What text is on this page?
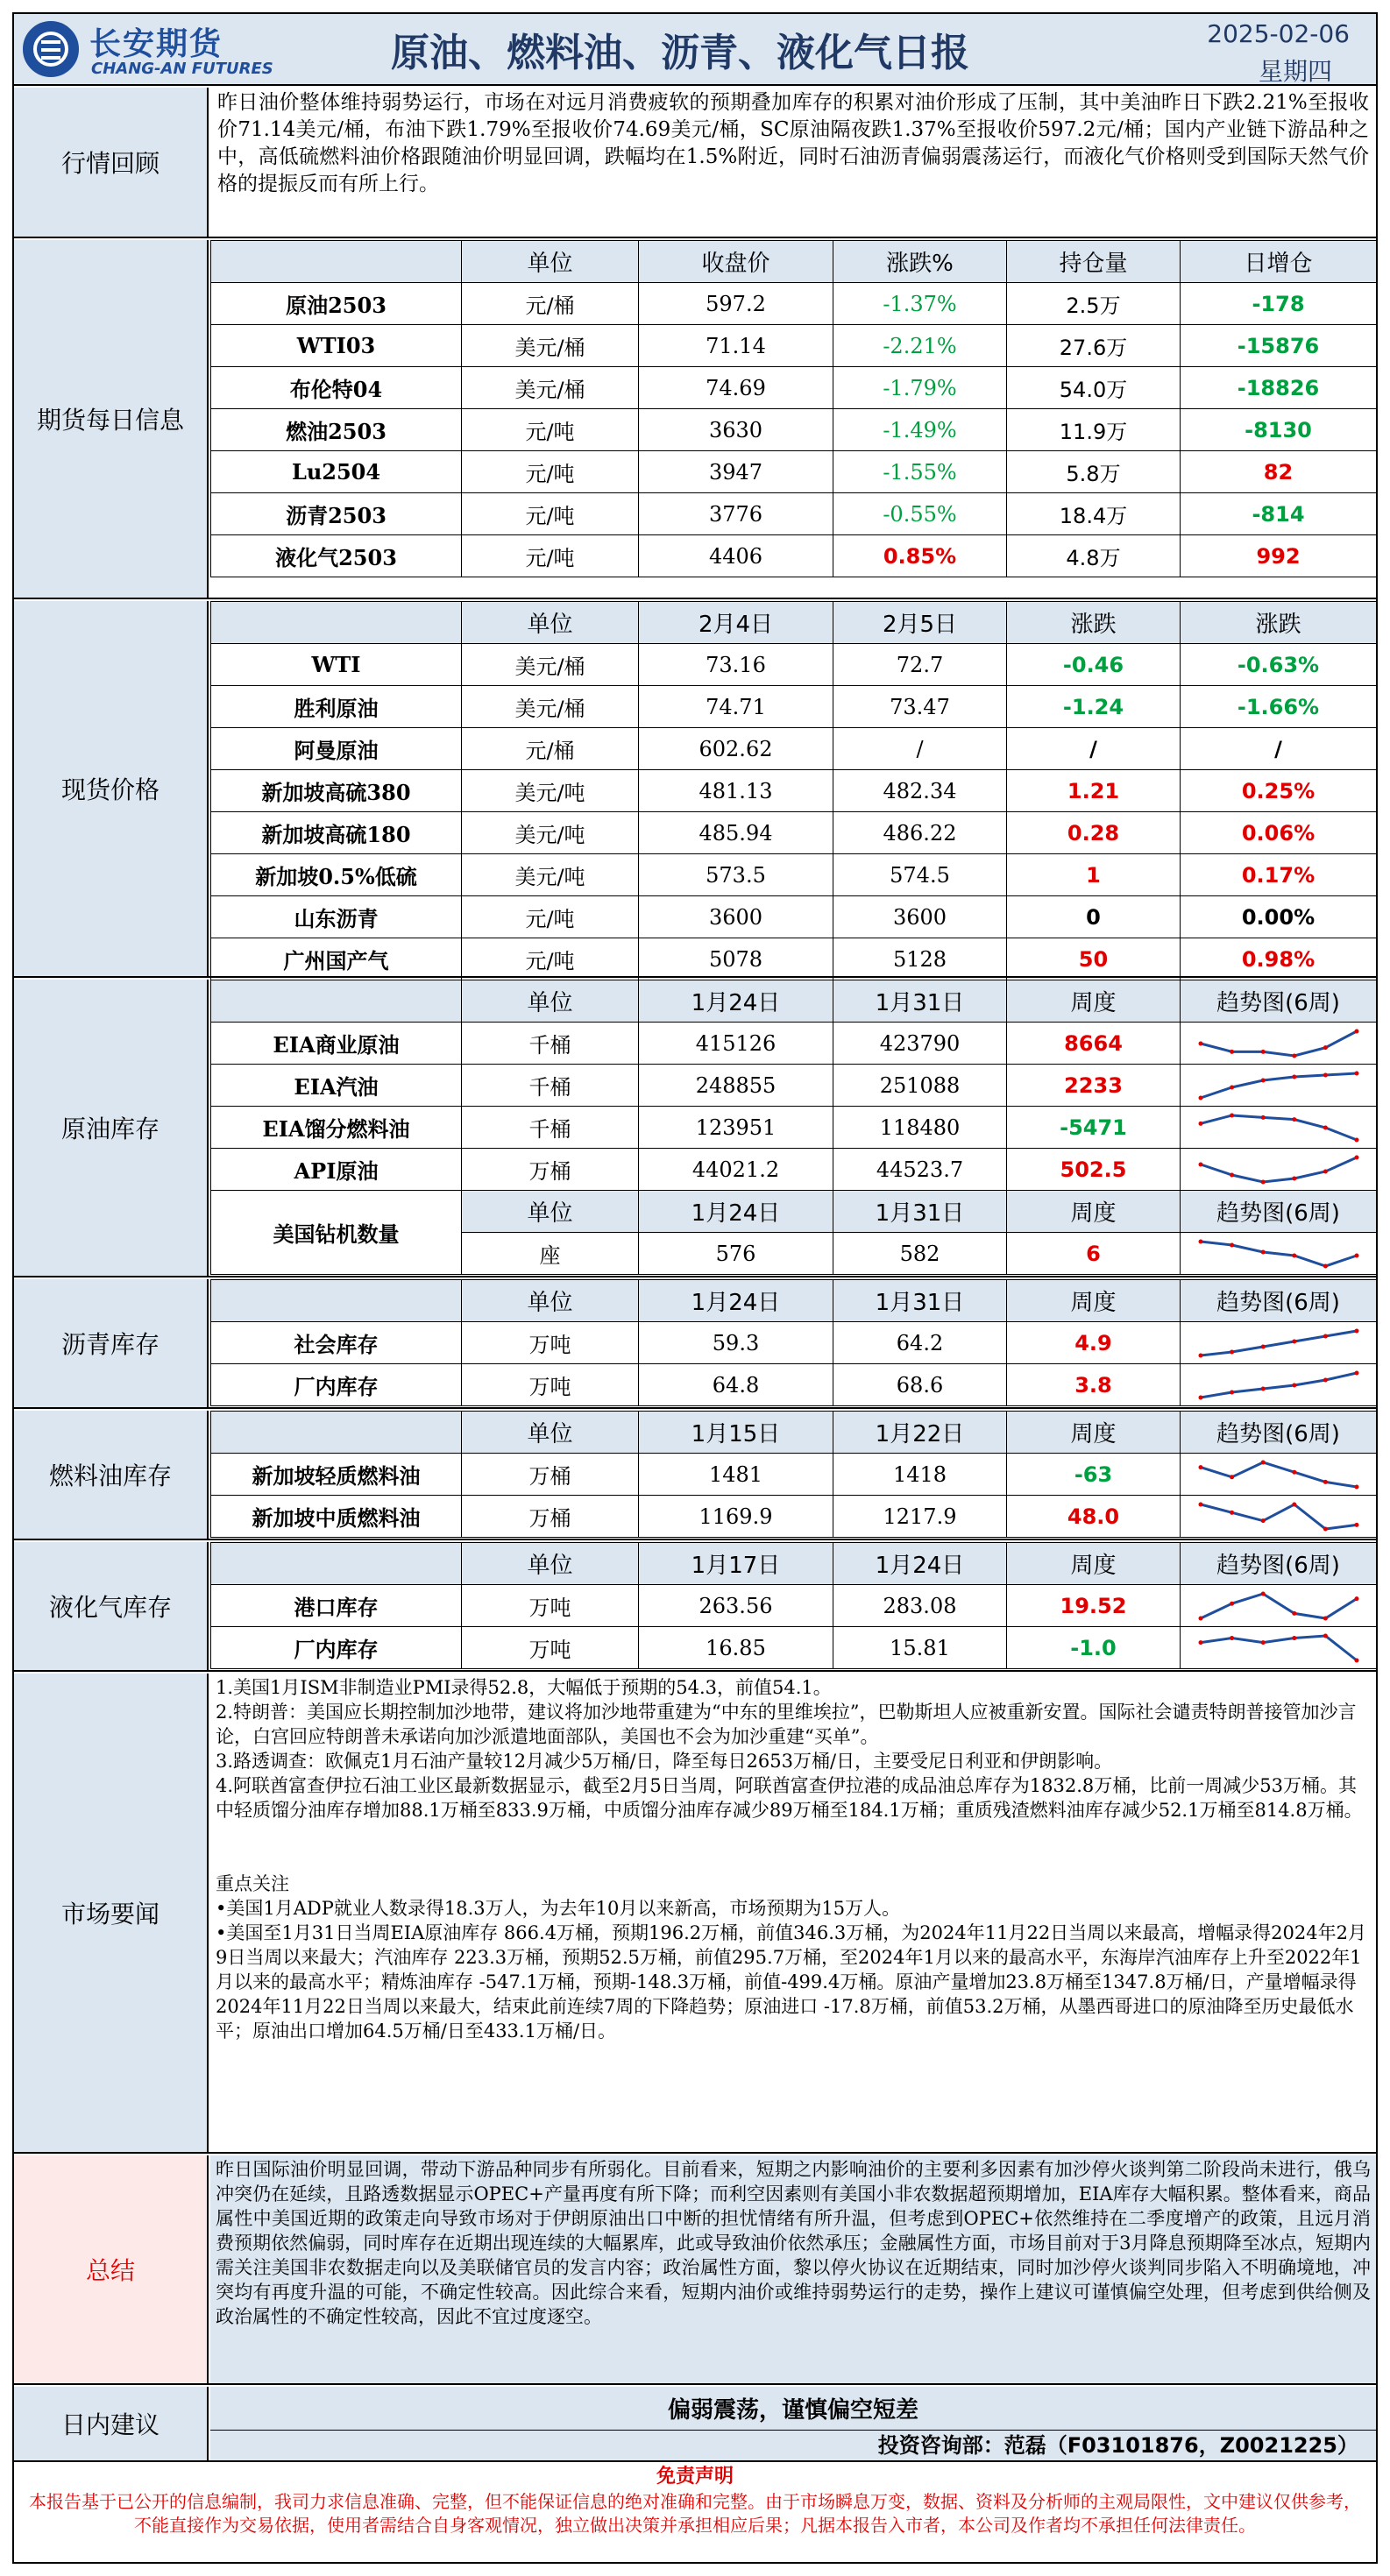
长安期货
CHANG-AN FUTURES	原油、燃料油、沥青、液化气日报	2025-02-06
星期四
行情回顾
昨日油价整体维持弱势运行，市场在对远月消费疲软的预期叠加库存的积累对油价形成了压制，其中美油昨日下跌2.21%至报收价71.14美元/桶，布油下跌1.79%至报收价74.69美元/桶，SC原油隔夜跌1.37%至报收价597.2元/桶；国内产业链下游品种之中，高低硫燃料油价格跟随油价明显回调，跌幅均在1.5%附近，同时石油沥青偏弱震荡运行，而液化气价格则受到国际天然气价格的提振反而有所上行。
期货每日信息
	单位	收盘价	涨跌%	持仓量	日增仓
原油2503	元/桶	597.2	-1.37%	2.5万	-178
WTI03	美元/桶	71.14	-2.21%	27.6万	-15876
布伦特04	美元/桶	74.69	-1.79%	54.0万	-18826
燃油2503	元/吨	3630	-1.49%	11.9万	-8130
Lu2504	元/吨	3947	-1.55%	5.8万	82
沥青2503	元/吨	3776	-0.55%	18.4万	-814
液化气2503	元/吨	4406	0.85%	4.8万	992
现货价格
	单位	2月4日	2月5日	涨跌	涨跌
WTI	美元/桶	73.16	72.7	-0.46	-0.63%
胜利原油	美元/桶	74.71	73.47	-1.24	-1.66%
阿曼原油	元/桶	602.62	/	/	/
新加坡高硫380	美元/吨	481.13	482.34	1.21	0.25%
新加坡高硫180	美元/吨	485.94	486.22	0.28	0.06%
新加坡0.5%低硫	美元/吨	573.5	574.5	1	0.17%
山东沥青	元/吨	3600	3600	0	0.00%
广州国产气	元/吨	5078	5128	50	0.98%
原油库存
	单位	1月24日	1月31日	周度	趋势图(6周)
EIA商业原油	千桶	415126	423790	8664	

EIA汽油	千桶	248855	251088	2233	

EIA馏分燃料油	千桶	123951	118480	-5471	

API原油	万桶	44021.2	44523.7	502.5	

美国钻机数量	单位	1月24日	1月31日	周度	趋势图(6周)
	座	576	582	6	
沥青库存
	单位	1月24日	1月31日	周度	趋势图(6周)
社会库存	万吨	59.3	64.2	4.9	

厂内库存	万吨	64.8	68.6	3.8	
燃料油库存
	单位	1月15日	1月22日	周度	趋势图(6周)
新加坡轻质燃料油	万桶	1481	1418	-63	

新加坡中质燃料油	万桶	1169.9	1217.9	48.0	
液化气库存
	单位	1月17日	1月24日	周度	趋势图(6周)
港口库存	万吨	263.56	283.08	19.52	

厂内库存	万吨	16.85	15.81	-1.0	
市场要闻

1.美国1月ISM非制造业PMI录得52.8，大幅低于预期的54.3，前值54.1。

2.特朗普：美国应长期控制加沙地带，建议将加沙地带重建为“中东的里维埃拉”，巴勒斯坦人应被重新安置。国际社会谴责特朗普接管加沙言论，白宫回应特朗普未承诺向加沙派遣地面部队，美国也不会为加沙重建“买单”。

3.路透调查：欧佩克1月石油产量较12月减少5万桶/日，降至每日2653万桶/日，主要受尼日利亚和伊朗影响。

4.阿联酋富查伊拉石油工业区最新数据显示，截至2月5日当周，阿联酋富查伊拉港的成品油总库存为1832.8万桶，比前一周减少53万桶。其中轻质馏分油库存增加88.1万桶至833.9万桶，中质馏分油库存减少89万桶至184.1万桶；重质残渣燃料油库存减少52.1万桶至814.8万桶。

重点关注

•美国1月ADP就业人数录得18.3万人，为去年10月以来新高，市场预期为15万人。

•美国至1月31日当周EIA原油库存 866.4万桶，预期196.2万桶，前值346.3万桶，为2024年11月22日当周以来最高，增幅录得2024年2月9日当周以来最大；汽油库存 223.3万桶，预期52.5万桶，前值295.7万桶，至2024年1月以来的最高水平，东海岸汽油库存上升至2022年1月以来的最高水平；精炼油库存 -547.1万桶，预期-148.3万桶，前值-499.4万桶。原油产量增加23.8万桶至1347.8万桶/日，产量增幅录得2024年11月22日当周以来最大，结束此前连续7周的下降趋势；原油进口 -17.8万桶，前值53.2万桶，从墨西哥进口的原油降至历史最低水平；原油出口增加64.5万桶/日至433.1万桶/日。

总结
昨日国际油价明显回调，带动下游品种同步有所弱化。目前看来，短期之内影响油价的主要利多因素有加沙停火谈判第二阶段尚未进行，俄乌冲突仍在延续，且路透数据显示OPEC+产量再度有所下降；而利空因素则有美国小非农数据超预期增加，EIA库存大幅积累。整体看来，商品属性中美国近期的政策走向导致市场对于伊朗原油出口中断的担忧情绪有所升温，但考虑到OPEC+依然维持在二季度增产的政策，且远月消费预期依然偏弱，同时库存在近期出现连续的大幅累库，此或导致油价依然承压；金融属性方面，市场目前对于3月降息预期降至冰点，短期内需关注美国非农数据走向以及美联储官员的发言内容；政治属性方面，黎以停火协议在近期结束，同时加沙停火谈判同步陷入不明确境地，冲突均有再度升温的可能，不确定性较高。因此综合来看，短期内油价或维持弱势运行的走势，操作上建议可谨慎偏空处理，但考虑到供给侧及政治属性的不确定性较高，因此不宜过度逐空。
日内建议	偏弱震荡，谨慎偏空短差
投资咨询部：范磊（F03101876，Z0021225）
免责声明
本报告基于已公开的信息编制，我司力求信息准确、完整，但不能保证信息的绝对准确和完整。由于市场瞬息万变，数据、资料及分析师的主观局限性，文中建议仅供参考，不能直接作为交易依据，使用者需结合自身客观情况，独立做出决策并承担相应后果；凡据本报告入市者，本公司及作者均不承担任何法律责任。
